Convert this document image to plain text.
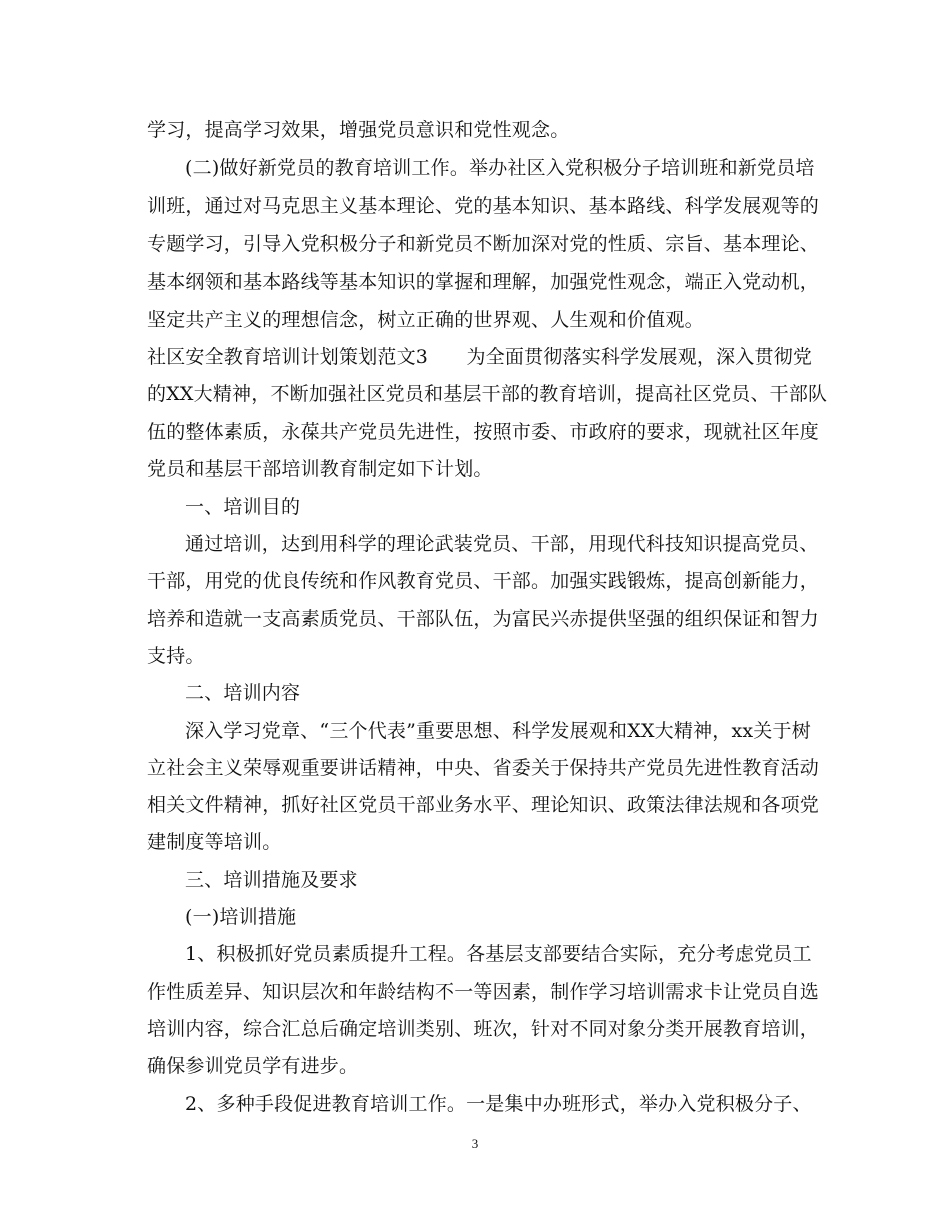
学习，提高学习效果，增强党员意识和党性观念。
(二)做好新党员的教育培训工作。举办社区入党积极分子培训班和新党员培
训班，通过对马克思主义基本理论、党的基本知识、基本路线、科学发展观等的
专题学习，引导入党积极分子和新党员不断加深对党的性质、宗旨、基本理论、
基本纲领和基本路线等基本知识的掌握和理解，加强党性观念，端正入党动机，
坚定共产主义的理想信念，树立正确的世界观、人生观和价值观。
社区安全教育培训计划策划范文3　　为全面贯彻落实科学发展观，深入贯彻党
的XX大精神，不断加强社区党员和基层干部的教育培训，提高社区党员、干部队
伍的整体素质，永葆共产党员先进性，按照市委、市政府的要求，现就社区年度
党员和基层干部培训教育制定如下计划。
一、培训目的
通过培训，达到用科学的理论武装党员、干部，用现代科技知识提高党员、
干部，用党的优良传统和作风教育党员、干部。加强实践锻炼，提高创新能力，
培养和造就一支高素质党员、干部队伍，为富民兴赤提供坚强的组织保证和智力
支持。
二、培训内容
深入学习党章、“三个代表”重要思想、科学发展观和XX大精神，xx关于树
立社会主义荣辱观重要讲话精神，中央、省委关于保持共产党员先进性教育活动
相关文件精神，抓好社区党员干部业务水平、理论知识、政策法律法规和各项党
建制度等培训。
三、培训措施及要求
(一)培训措施
1、积极抓好党员素质提升工程。各基层支部要结合实际，充分考虑党员工
作性质差异、知识层次和年龄结构不一等因素，制作学习培训需求卡让党员自选
培训内容，综合汇总后确定培训类别、班次，针对不同对象分类开展教育培训，
确保参训党员学有进步。
2、多种手段促进教育培训工作。一是集中办班形式，举办入党积极分子、
3
